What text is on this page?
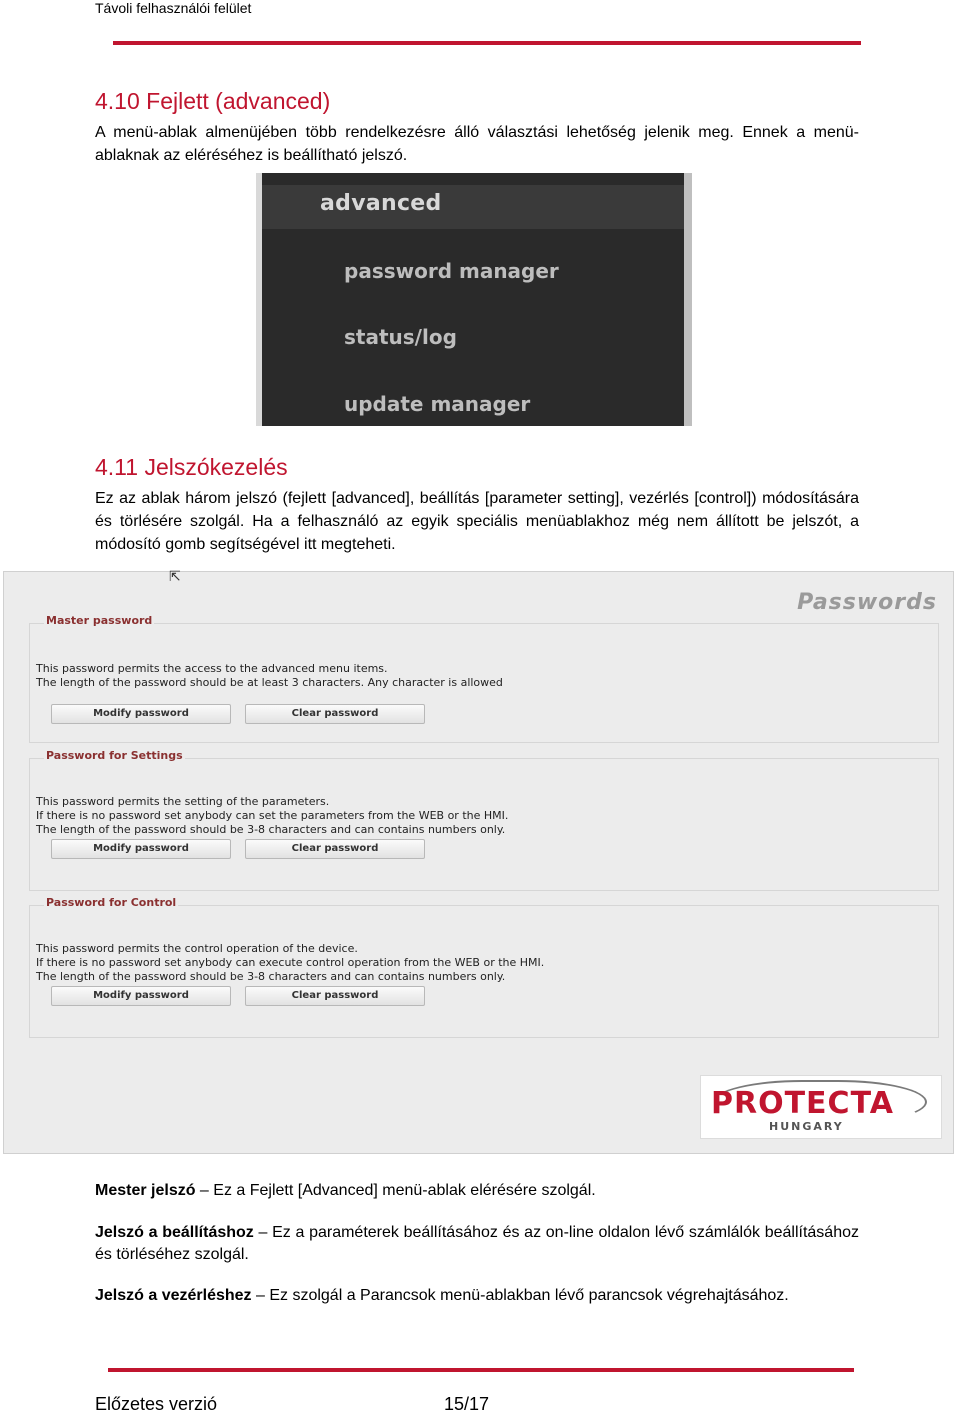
Távoli felhasználói felület
4.10 Fejlett (advanced)

A menü-ablak almenüjében több rendelkezésre álló választási lehetőség jelenik meg. Ennek a menü-ablaknak az eléréséhez is beállítható jelszó.

advanced
password manager
status/log
update manager
4.11 Jelszókezelés

Ez az ablak három jelszó (fejlett [advanced], beállítás [parameter setting], vezérlés [control]) módosítására és törlésére szolgál. Ha a felhasználó az egyik speciális menüablakhoz még nem állított be jelszót, a módosító gomb segítségével itt megteheti.

⇱
Passwords
Master password
This password permits the access to the advanced menu items.
The length of the password should be at least 3 characters. Any character is allowed
Modify password	Clear password
Password for Settings
This password permits the setting of the parameters.
If there is no password set anybody can set the parameters from the WEB or the HMI.
The length of the password should be 3-8 characters and can contains numbers only.
Modify password	Clear password
Password for Control
This password permits the control operation of the device.
If there is no password set anybody can execute control operation from the WEB or the HMI.
The length of the password should be 3-8 characters and can contains numbers only.
Modify password	Clear password
PROTECTA
HUNGARY

Mester jelszó – Ez a Fejlett [Advanced] menü-ablak elérésére szolgál.

Jelszó a beállításhoz – Ez a paraméterek beállításához és az on-line oldalon lévő számlálók beállításához és törléséhez szolgál.

Jelszó a vezérléshez – Ez szolgál a Parancsok menü-ablakban lévő parancsok végrehajtásához.

Előzetes verzió	15/17
